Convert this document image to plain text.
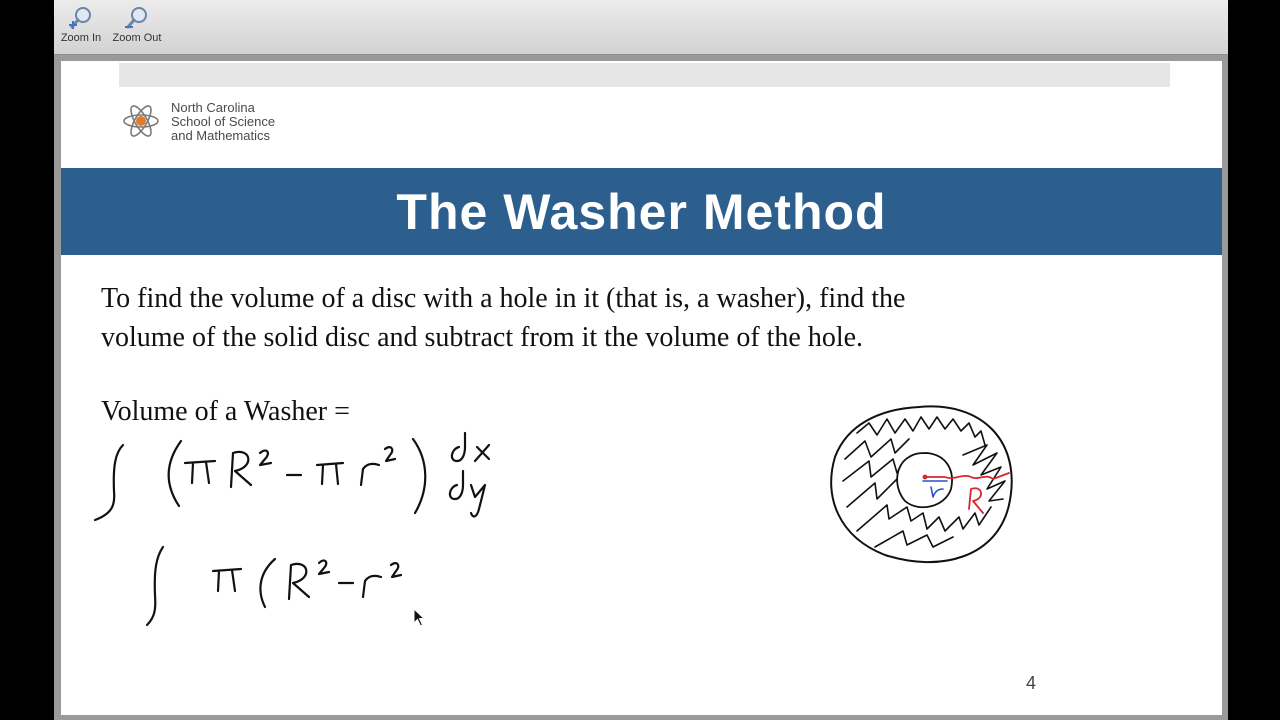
Zoom In	Zoom Out
North Carolina
School of Science
and Mathematics
The Washer Method
To find the volume of a disc with a hole in it (that is, a washer), find the
volume of the solid disc and subtract from it the volume of the hole.
Volume of a Washer =
4
